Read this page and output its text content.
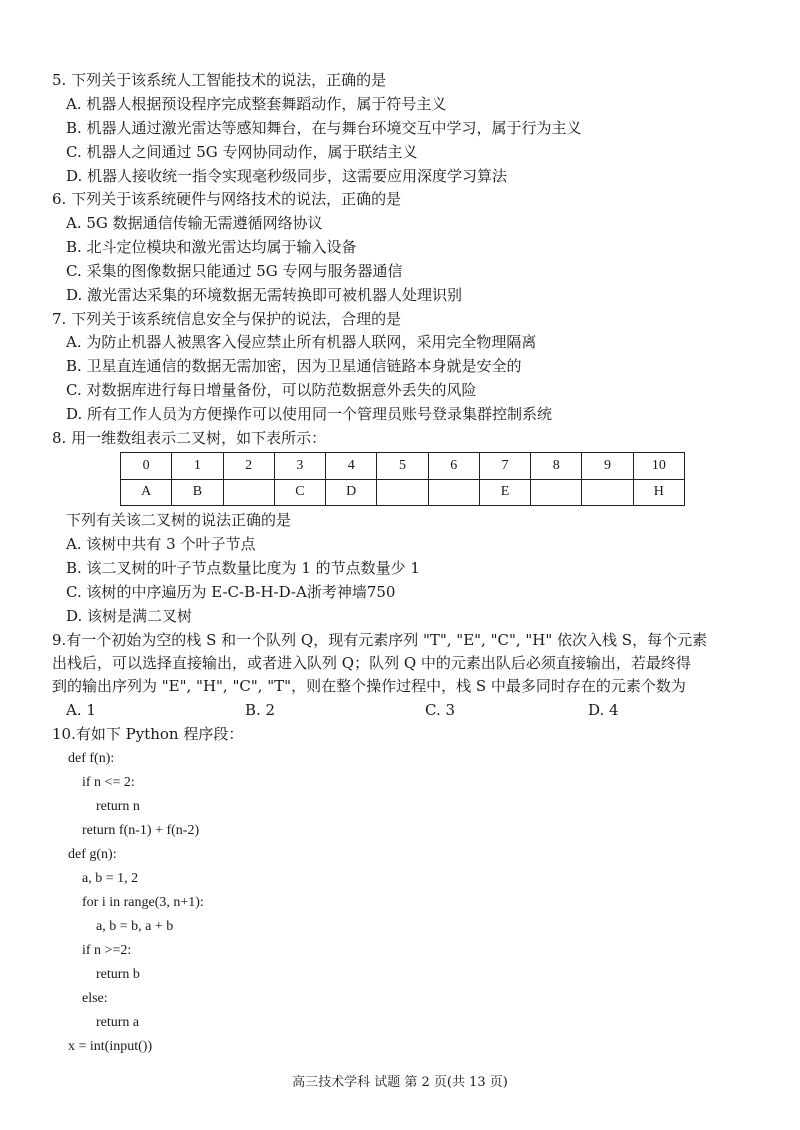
5. 下列关于该系统人工智能技术的说法，正确的是
A. 机器人根据预设程序完成整套舞蹈动作，属于符号主义
B. 机器人通过激光雷达等感知舞台，在与舞台环境交互中学习，属于行为主义
C. 机器人之间通过 5G 专网协同动作，属于联结主义
D. 机器人接收统一指令实现毫秒级同步，这需要应用深度学习算法
6. 下列关于该系统硬件与网络技术的说法，正确的是
A. 5G 数据通信传输无需遵循网络协议
B. 北斗定位模块和激光雷达均属于输入设备
C. 采集的图像数据只能通过 5G 专网与服务器通信
D. 激光雷达采集的环境数据无需转换即可被机器人处理识别
7. 下列关于该系统信息安全与保护的说法，合理的是
A. 为防止机器人被黑客入侵应禁止所有机器人联网，采用完全物理隔离
B. 卫星直连通信的数据无需加密，因为卫星通信链路本身就是安全的
C. 对数据库进行每日增量备份，可以防范数据意外丢失的风险
D. 所有工作人员为方便操作可以使用同一个管理员账号登录集群控制系统
8. 用一维数组表示二叉树，如下表所示：
0	1	2	3	4	5	6	7	8	9	10
A	B		C	D			E			H
下列有关该二叉树的说法正确的是
A. 该树中共有 3 个叶子节点
B. 该二叉树的叶子节点数量比度为 1 的节点数量少 1
C. 该树的中序遍历为 E-C-B-H-D-A浙考神墙750
D. 该树是满二叉树
9.有一个初始为空的栈 S 和一个队列 Q，现有元素序列 "T", "E", "C", "H" 依次入栈 S，每个元素
出栈后，可以选择直接输出，或者进入队列 Q；队列 Q 中的元素出队后必须直接输出，若最终得
到的输出序列为 "E", "H", "C", "T"，则在整个操作过程中，栈 S 中最多同时存在的元素个数为
A. 1	B. 2	C. 3	D. 4
10.有如下 Python 程序段：
def f(n):
if n <= 2:
return n
return f(n-1) + f(n-2)
def g(n):
a, b = 1, 2
for i in range(3, n+1):
a, b = b, a + b
if n >=2:
return b
else:
return a
x = int(input())
高三技术学科 试题 第 2 页(共 13 页)
